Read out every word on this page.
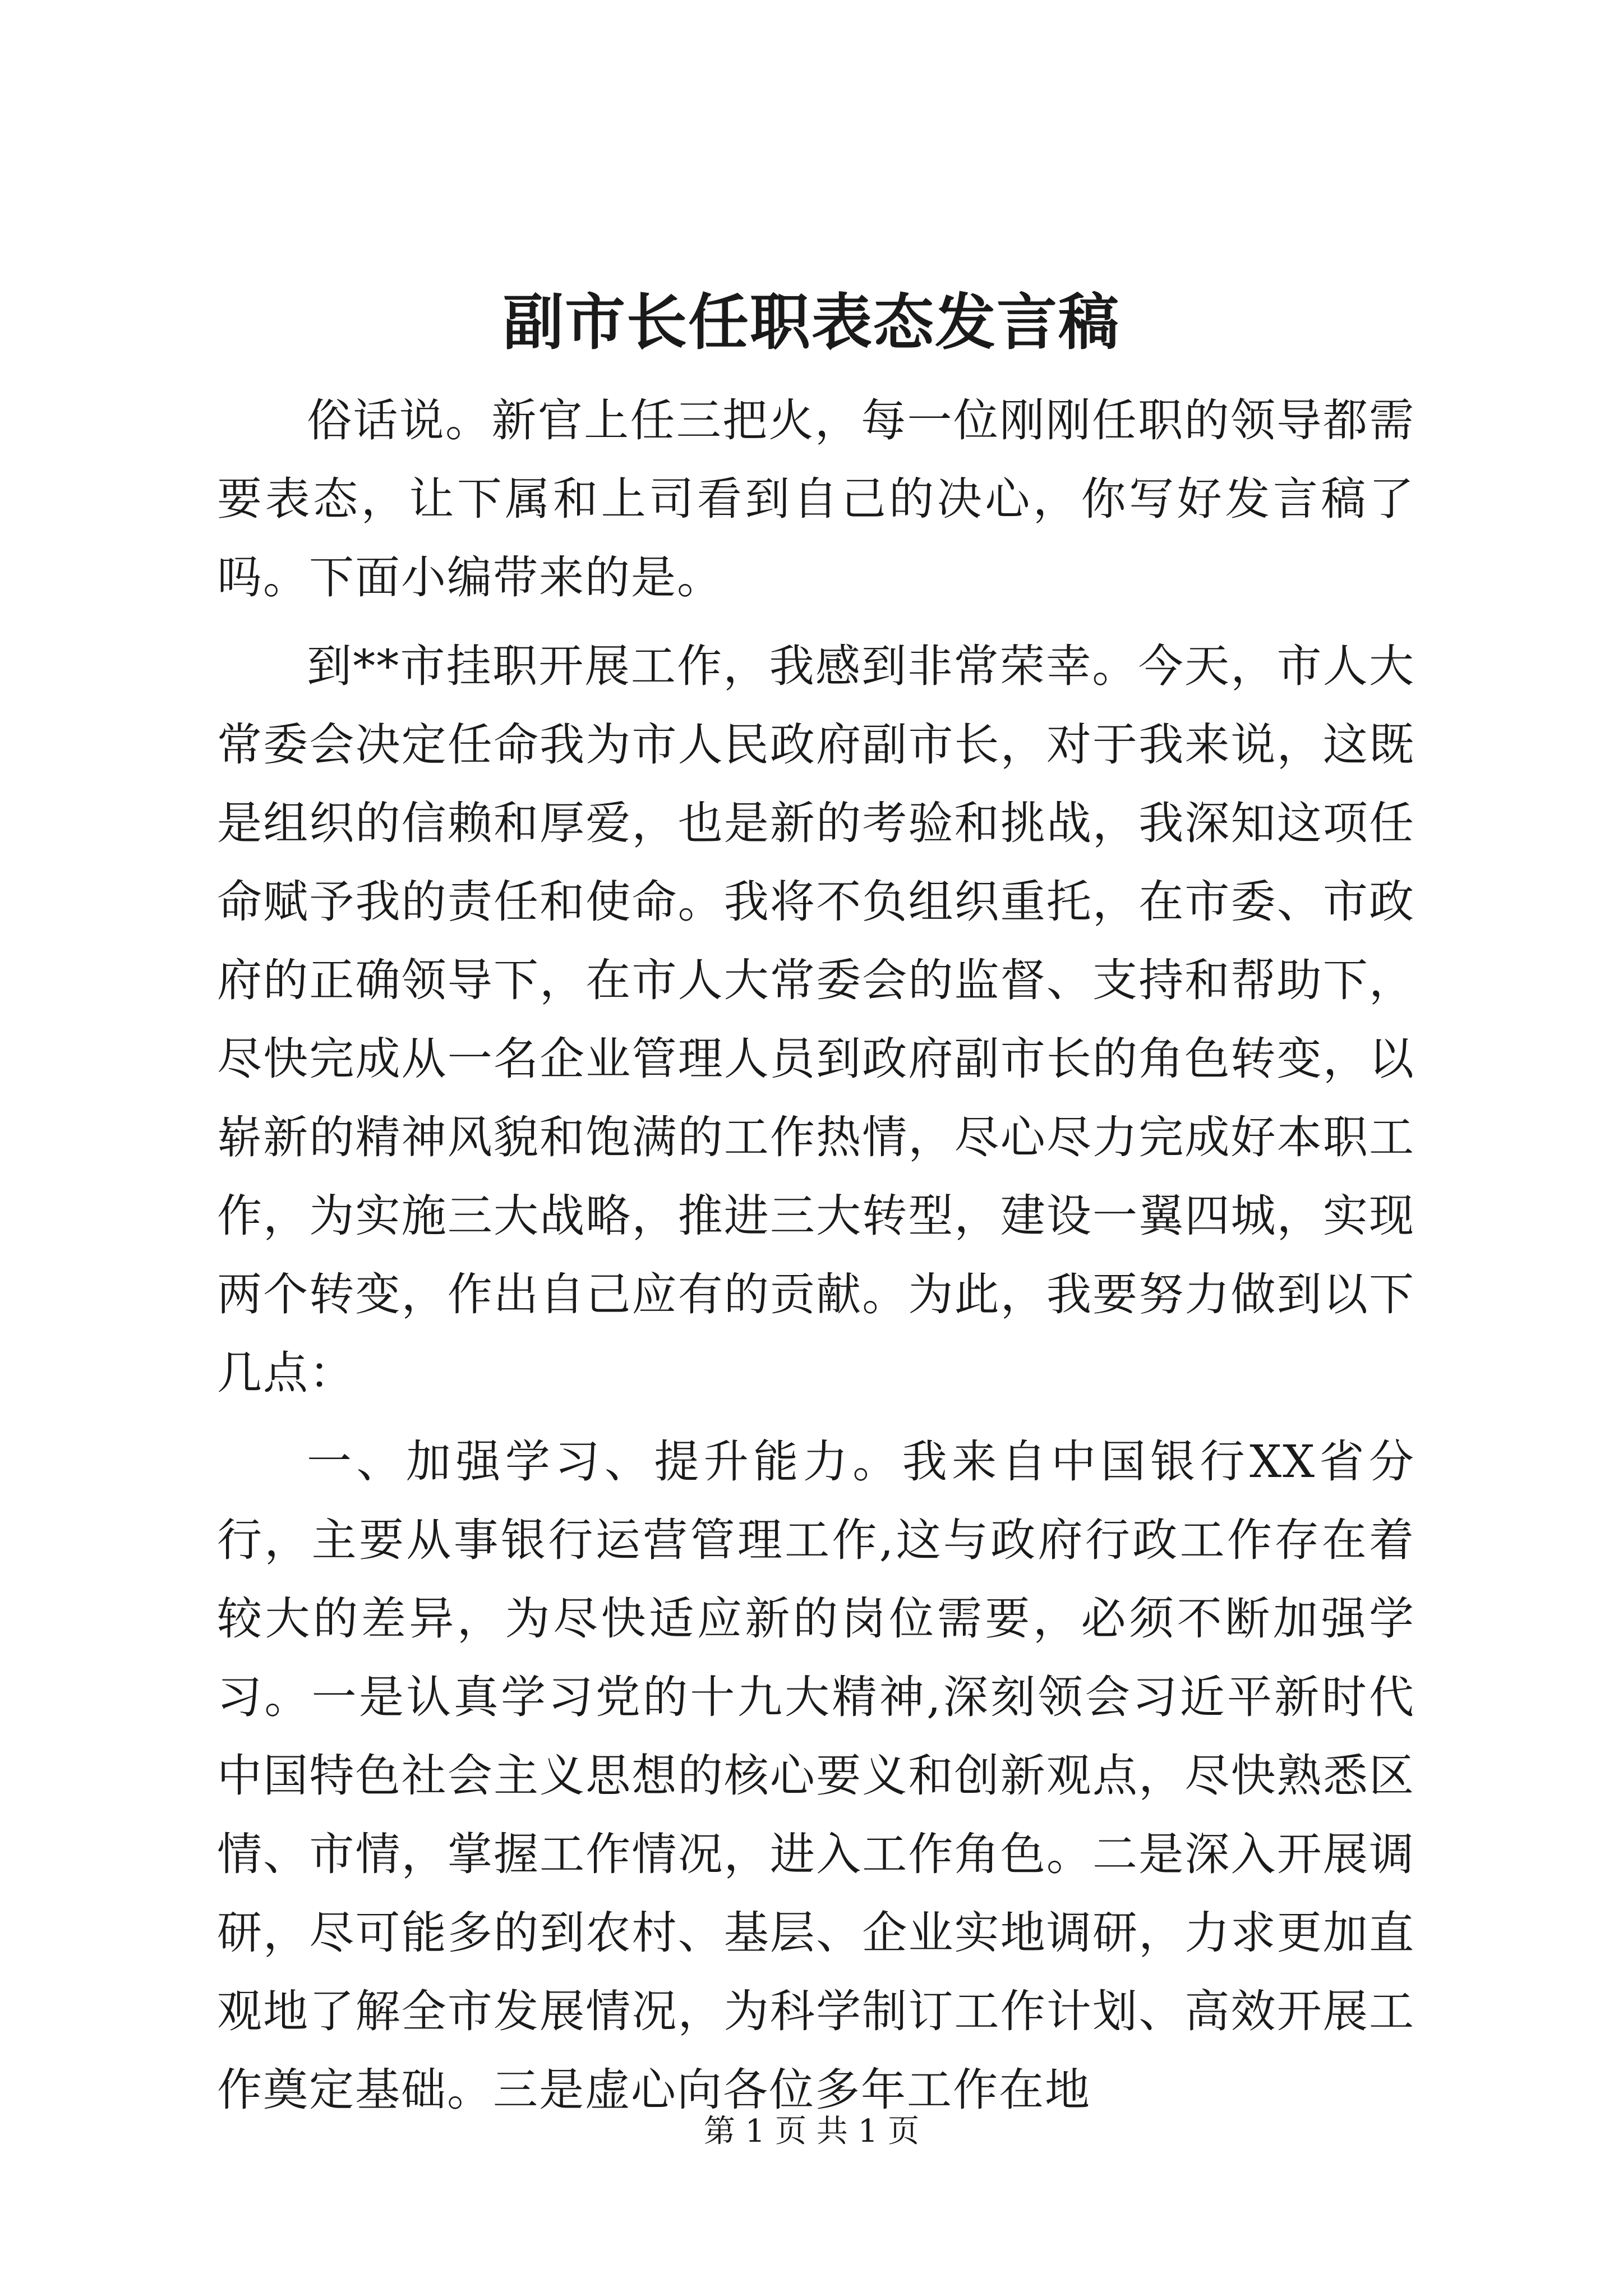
副市长任职表态发言稿

俗话说。新官上任三把火，每一位刚刚任职的领导都需要表态，让下属和上司看到自己的决心，你写好发言稿了吗。下面小编带来的是。

到**市挂职开展工作，我感到非常荣幸。今天，市人大常委会决定任命我为市人民政府副市长，对于我来说，这既是组织的信赖和厚爱，也是新的考验和挑战，我深知这项任命赋予我的责任和使命。我将不负组织重托，在市委、市政府的正确领导下，在市人大常委会的监督、支持和帮助下，尽快完成从一名企业管理人员到政府副市长的角色转变，以崭新的精神风貌和饱满的工作热情，尽心尽力完成好本职工作，为实施三大战略，推进三大转型，建设一翼四城，实现两个转变，作出自己应有的贡献。为此，我要努力做到以下几点：

一、加强学习、提升能力。我来自中国银行XX省分行，主要从事银行运营管理工作,这与政府行政工作存在着较大的差异，为尽快适应新的岗位需要，必须不断加强学习。一是认真学习党的十九大精神,深刻领会习近平新时代中国特色社会主义思想的核心要义和创新观点，尽快熟悉区情、市情，掌握工作情况，进入工作角色。二是深入开展调研，尽可能多的到农村、基层、企业实地调研，力求更加直观地了解全市发展情况，为科学制订工作计划、高效开展工作奠定基础。三是虚心向各位多年工作在地

第 1 页 共 1 页
